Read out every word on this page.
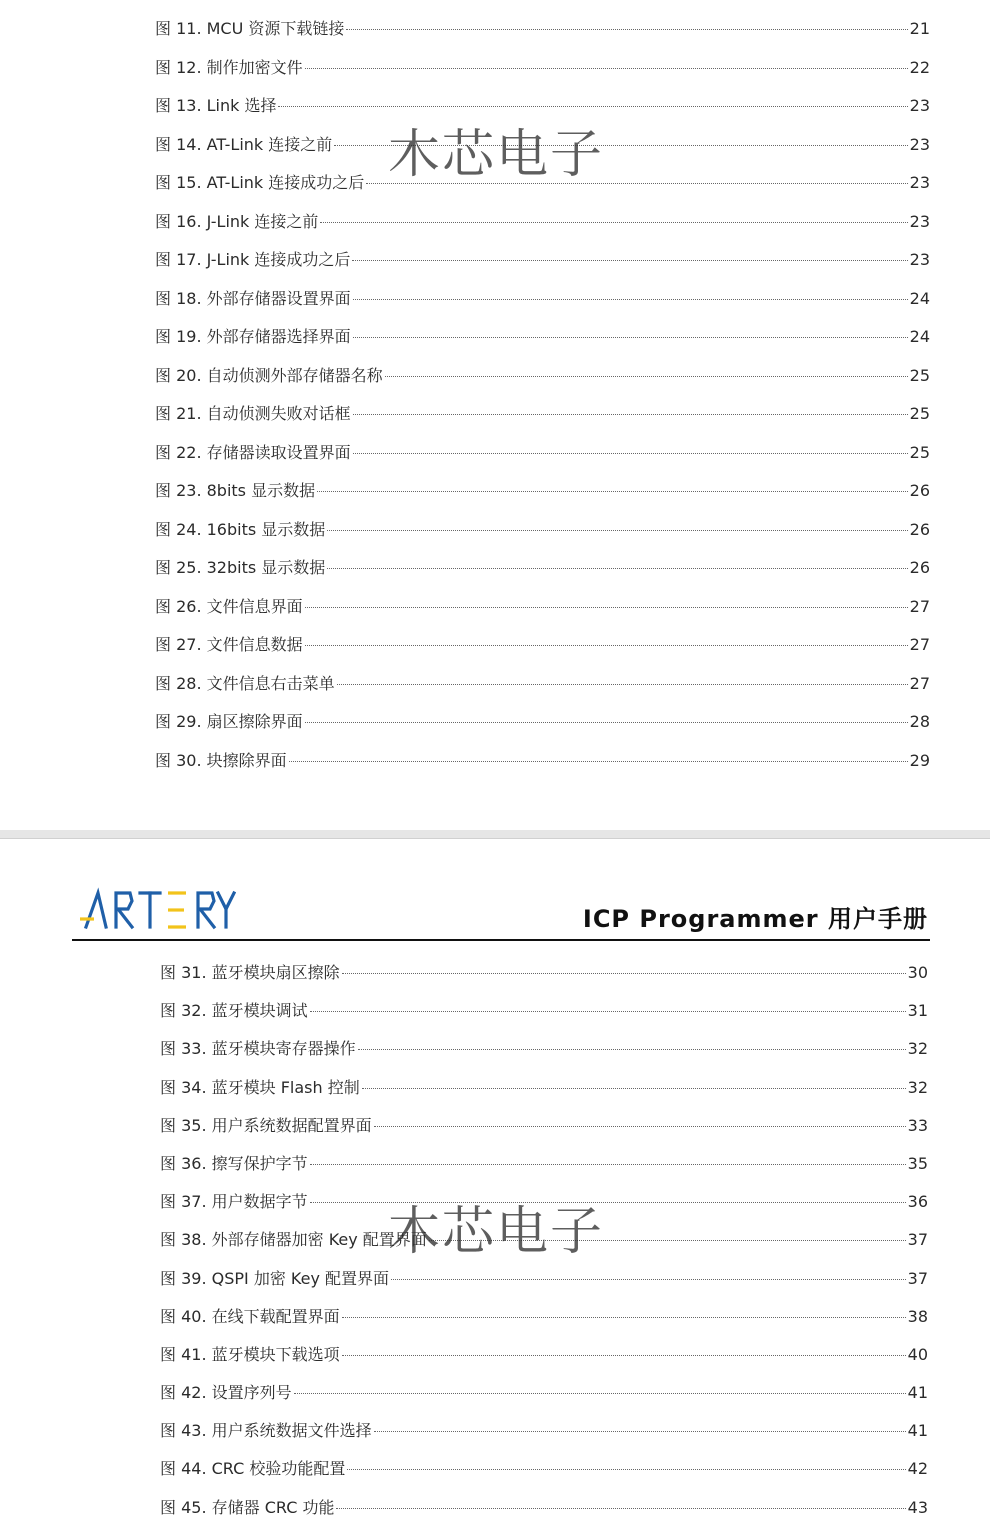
图 11. MCU 资源下载链接	21
图 12. 制作加密文件	22
图 13. Link 选择	23
图 14. AT-Link 连接之前	23
图 15. AT-Link 连接成功之后	23
图 16. J-Link 连接之前	23
图 17. J-Link 连接成功之后	23
图 18. 外部存储器设置界面	24
图 19. 外部存储器选择界面	24
图 20. 自动侦测外部存储器名称	25
图 21. 自动侦测失败对话框	25
图 22. 存储器读取设置界面	25
图 23. 8bits 显示数据	26
图 24. 16bits 显示数据	26
图 25. 32bits 显示数据	26
图 26. 文件信息界面	27
图 27. 文件信息数据	27
图 28. 文件信息右击菜单	27
图 29. 扇区擦除界面	28
图 30. 块擦除界面	29
木芯电子
ICP Programmer 用户手册
图 31. 蓝牙模块扇区擦除	30
图 32. 蓝牙模块调试	31
图 33. 蓝牙模块寄存器操作	32
图 34. 蓝牙模块 Flash 控制	32
图 35. 用户系统数据配置界面	33
图 36. 擦写保护字节	35
图 37. 用户数据字节	36
图 38. 外部存储器加密 Key 配置界面	37
图 39. QSPI 加密 Key 配置界面	37
图 40. 在线下载配置界面	38
图 41. 蓝牙模块下载选项	40
图 42. 设置序列号	41
图 43. 用户系统数据文件选择	41
图 44. CRC 校验功能配置	42
图 45. 存储器 CRC 功能	43
木芯电子
